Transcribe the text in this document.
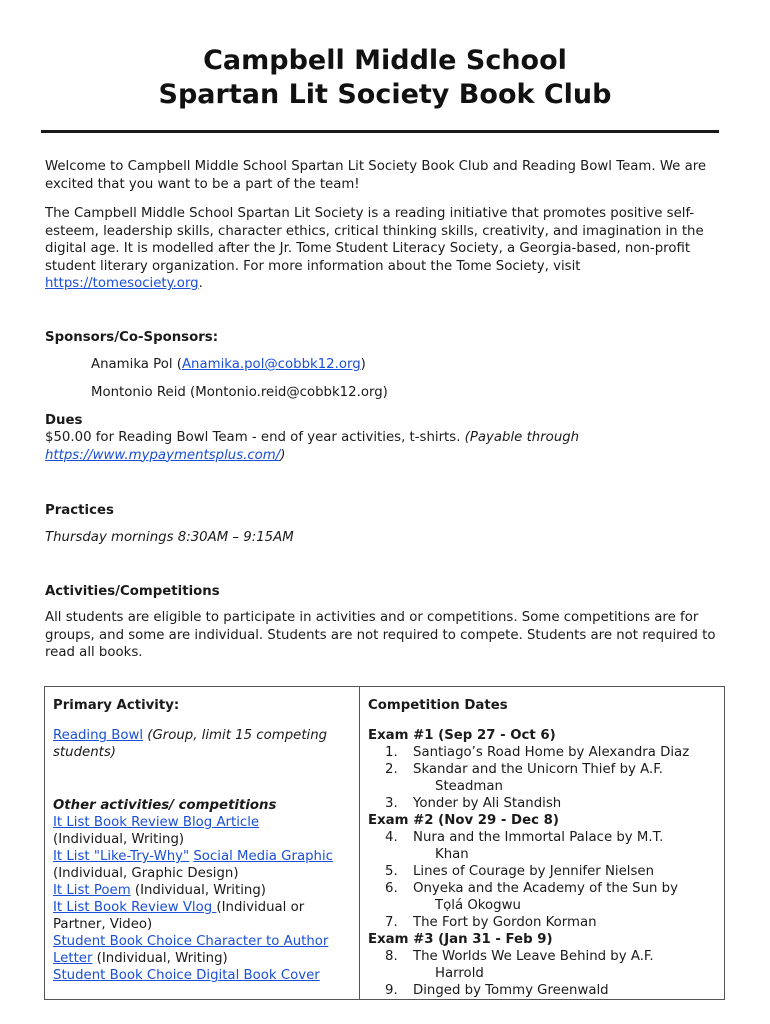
Campbell Middle School
Spartan Lit Society Book Club
Welcome to Campbell Middle School Spartan Lit Society Book Club and Reading Bowl Team. We are excited that you want to be a part of the team!
The Campbell Middle School Spartan Lit Society is a reading initiative that promotes positive self-esteem, leadership skills, character ethics, critical thinking skills, creativity, and imagination in the digital age. It is modelled after the Jr. Tome Student Literacy Society, a Georgia-based, non-profit student literary organization. For more information about the Tome Society, visit https://tomesociety.org.
Sponsors/Co-Sponsors:
Anamika Pol (Anamika.pol@cobbk12.org)
Montonio Reid (Montonio.reid@cobbk12.org)
Dues
$50.00 for Reading Bowl Team - end of year activities, t-shirts. (Payable through https://www.mypaymentsplus.com/)
Practices
Thursday mornings 8:30AM – 9:15AM
Activities/Competitions
All students are eligible to participate in activities and or competitions. Some competitions are for groups, and some are individual. Students are not required to compete. Students are not required to read all books.
Primary Activity:
Reading Bowl (Group, limit 15 competing students)
Other activities/ competitions
It List Book Review Blog Article
(Individual, Writing)
It List "Like-Try-Why" Social Media Graphic
(Individual, Graphic Design)
It List Poem (Individual, Writing)
It List Book Review Vlog (Individual or Partner, Video)
Student Book Choice Character to Author Letter (Individual, Writing)
Student Book Choice Digital Book Cover

Competition Dates
Exam #1 (Sep 27 - Oct 6)
1. Santiago’s Road Home by Alexandra Diaz
2. Skandar and the Unicorn Thief by A.F.
Steadman
3. Yonder by Ali Standish
Exam #2 (Nov 29 - Dec 8)
4. Nura and the Immortal Palace by M.T.
Khan
5. Lines of Courage by Jennifer Nielsen
6. Onyeka and the Academy of the Sun by
Tọlá Okogwu
7. The Fort by Gordon Korman
Exam #3 (Jan 31 - Feb 9)
8. The Worlds We Leave Behind by A.F.
Harrold
9. Dinged by Tommy Greenwald
